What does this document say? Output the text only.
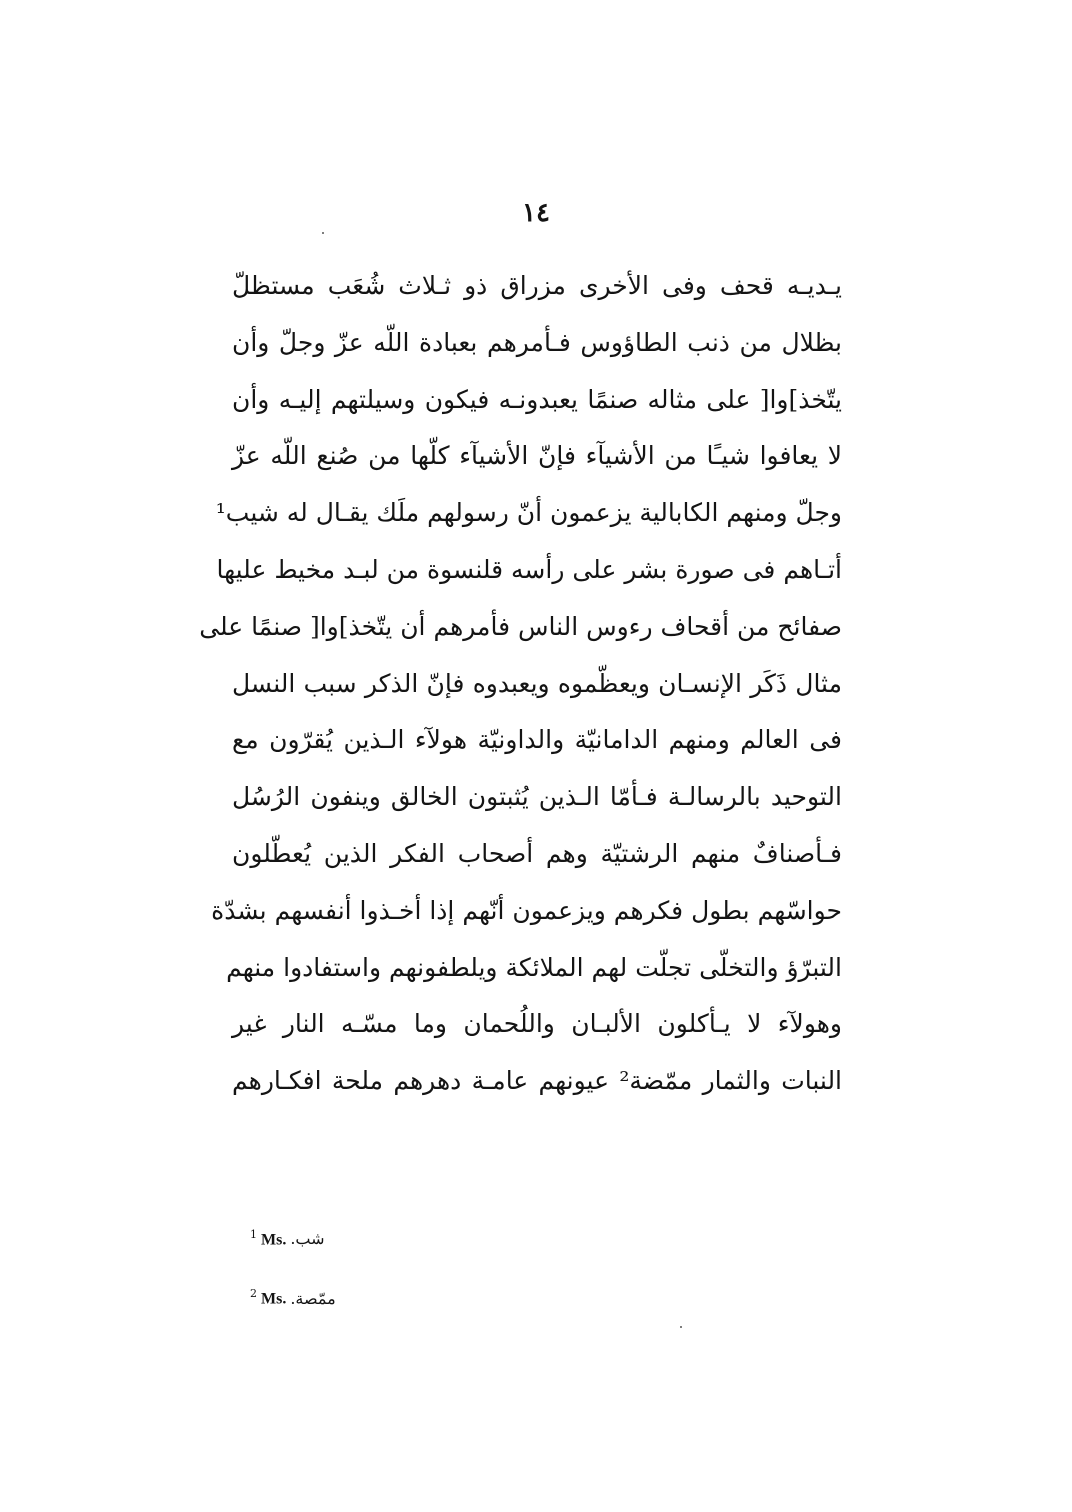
١٤
يـديـه قحف وفى الأخرى مزراق ذو ثـلاث شُعَب مستظلّ
بظلال من ذنب الطاؤوس فـأمرهم بعبادة اللّه عزّ وجلّ وأن
يتّخذ]وا[ على مثاله صنمًا يعبدونـه فيكون وسيلتهم إليـه وأن
لا يعافوا شيـًا من الأشيآء فإنّ الأشيآء كلّها من صُنع اللّه عزّ
وجلّ ومنهم الكابالية يزعمون أنّ رسولهم ملَك يقـال له شيب¹
أتـاهم فى صورة بشر على رأسه قلنسوة من لبـد مخيط عليها
صفائح من أقحاف رءوس الناس فأمرهم أن يتّخذ]وا[ صنمًا على
مثال ذَكَر الإنسـان ويعظّموه ويعبدوه فإنّ الذكر سبب النسل
فى العالم ومنهم الدامانيّة والداونيّة هولآء الـذين يُقرّون مع
التوحيد بالرسالـة فـأمّا الـذين يُثبتون الخالق وينفون الرُسُل
فـأصنافٌ منهم الرشتيّة وهم أصحاب الفكر الذين يُعطّلون
حواسّهم بطول فكرهم ويزعمون أنّهم إذا أخـذوا أنفسهم بشدّة
التبرّؤ والتخلّى تجلّت لهم الملائكة ويلطفونهم واستفادوا منهم
وهولآء لا يـأكلون الألبـان واللُحمان وما مسّـه النار غير
النبات والثمار ممّضة² عيونهم عامـة دهرهم ملحة افكـارهم
$^1$ Ms. شب.
$^2$ Ms. ممّصة.
